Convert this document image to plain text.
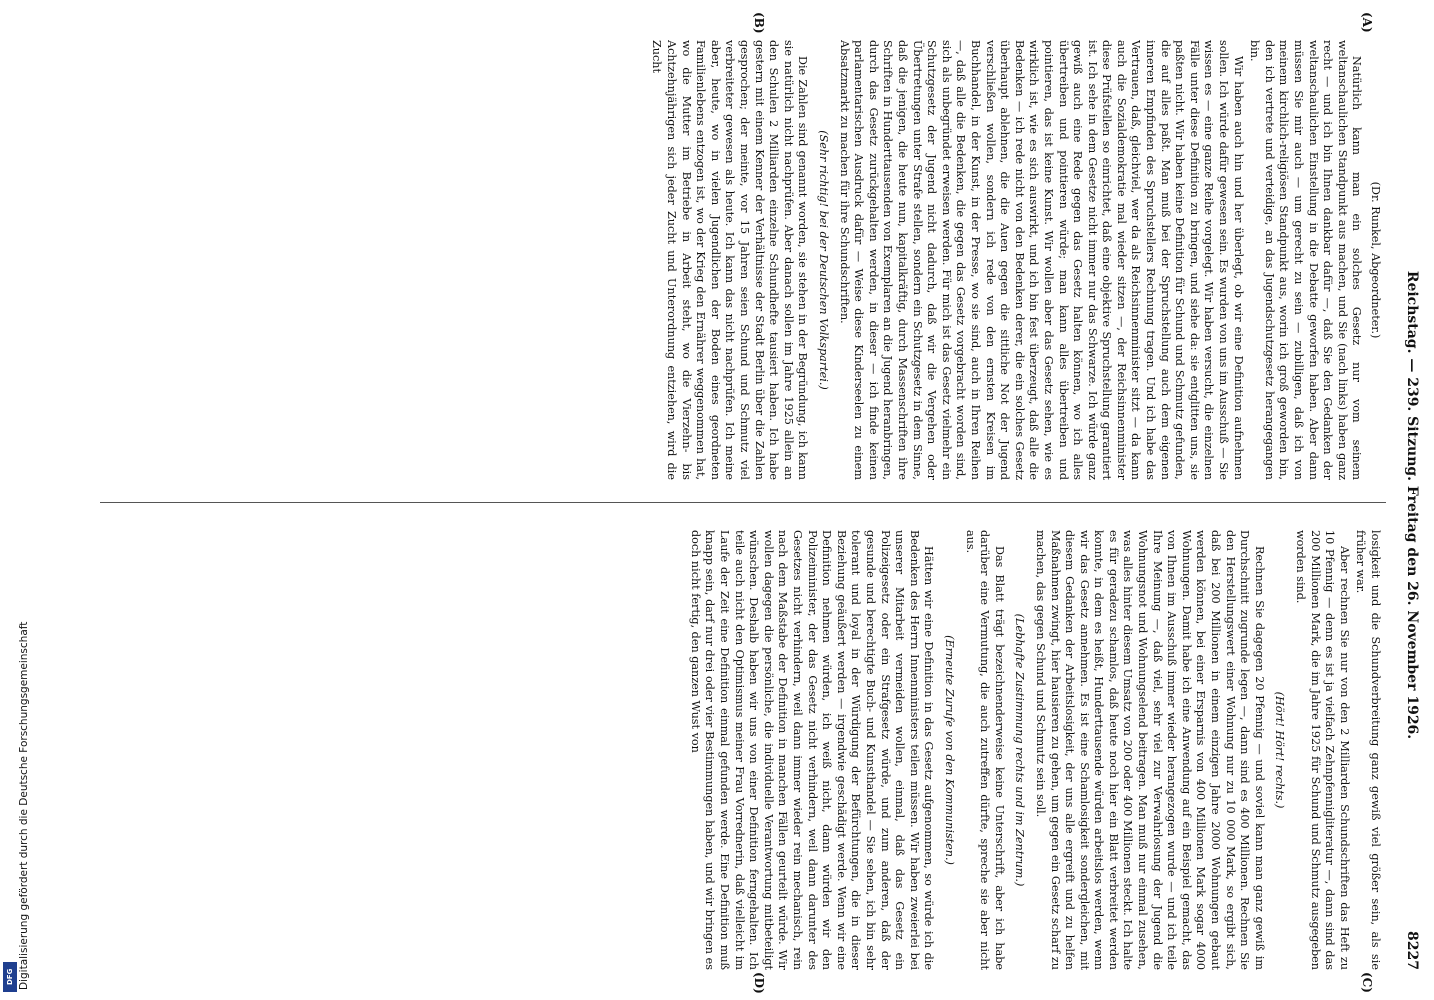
Reichstag. — 239. Sitzung. Freitag den 26. November 1926.
8227
(A)
(B)
(C)
(D)

(Dr. Runkel, Abgeordneter.)

Natürlich kann man ein solches Gesetz nur vom seinem weltanschaulichen Standpunkt aus machen, und Sie (nach links) haben ganz recht — und ich bin Ihnen dankbar dafür —, daß Sie den Gedanken der weltanschaulichen Einstellung in die Debatte geworfen haben. Aber dann müssen Sie mir auch — um gerecht zu sein — zubilligen, daß ich von meinem kirchlich-religiösen Standpunkt aus, worin ich groß geworden bin, den ich vertrete und verteidige, an das Jugendschutzgesetz herangegangen bin.

Wir haben auch hin und her überlegt, ob wir eine Definition aufnehmen sollen. Ich würde dafür gewesen sein. Es wurden von uns im Ausschuß — Sie wissen es — eine ganze Reihe vorgelegt. Wir haben versucht, die einzelnen Fälle unter diese Definition zu bringen, und siehe da: sie entglitten uns, sie paßten nicht. Wir haben keine Definition für Schund und Schmutz gefunden, die auf alles paßt. Man muß bei der Spruchstellung auch dem eigenen inneren Empfinden des Spruchstellers Rechnung tragen. Und ich habe das Vertrauen, daß, gleichviel, wer da als Reichsinnenminister sitzt — da kann auch die Sozialdemokratie mal wieder sitzen —, der Reichsinnenminister diese Prüfstellen so einrichtet, daß eine objektive Spruchstellung garantiert ist. Ich sehe in dem Gesetze nicht immer nur das Schwarze. Ich würde ganz gewiß auch eine Rede gegen das Gesetz halten können, wo ich alles übertreiben und pointieren würde; man kann alles übertreiben und pointieren, das ist keine Kunst. Wir wollen aber das Gesetz sehen, wie es wirklich ist, wie es sich auswirkt, und ich bin fest überzeugt, daß alle die Bedenken — ich rede nicht von den Bedenken derer, die ein solches Gesetz überhaupt ablehnen, die die Auen gegen die sittliche Not der Jugend verschließen wollen, sondern ich rede von den ernsten Kreisen im Buchhandel, in der Kunst, in der Presse, wo sie sind, auch in Ihren Reihen —, daß alle die Bedenken, die gegen das Gesetz vorgebracht worden sind, sich als unbegründet erweisen werden. Für mich ist das Gesetz vielmehr ein Schutzgesetz der Jugend nicht dadurch, daß wir die Vergehen oder Übertretungen unter Strafe stellen, sondern ein Schutzgesetz in dem Sinne, daß die jenigen, die heute nun, kapitalkräftig, durch Massenschriften ihre Schriften in Hunderttausenden von Exemplaren an die Jugend heranbringen, durch das Gesetz zurückgehalten werden, in dieser — ich finde keinen parlamentarischen Ausdruck dafür — Weise diese Kinderseelen zu einem Absatzmarkt zu machen für ihre Schundschriften.

(Sehr richtig! bei der Deutschen Volkspartei.)

Die Zahlen sind genannt worden, sie stehen in der Begründung, ich kann sie natürlich nicht nachprüfen. Aber danach sollen im Jahre 1925 allein an den Schulen 2 Milliarden einzelne Schundhefte tausiert haben. Ich habe gestern mit einem Kenner der Verhältnisse der Stadt Berlin über die Zahlen gesprochen; der meinte, vor 15 Jahren seien Schund und Schmutz viel verbreiteter gewesen als heute. Ich kann das nicht nachprüfen. Ich meine aber, heute, wo in vielen Jugendlichen der Boden eines geordneten Familienlebens entzogen ist, wo der Krieg den Ernährer weggenommen hat, wo die Mutter im Betriebe in Arbeit steht, wo die Vierzehn- bis Achtzehnjährigen sich jeder Zucht und Unterordnung entziehen, wird die Zucht

losigkeit und die Schundverbreitung ganz gewiß viel größer sein, als sie früher war.

Aber rechnen Sie nur von den 2 Milliarden Schundschriften das Heft zu 10 Pfennig — denn es ist ja vielfach Zehnpfennigliteratur —, dann sind das 200 Millionen Mark, die im Jahre 1925 für Schund und Schmutz ausgegeben worden sind.

(Hört! Hört! rechts.)

Rechnen Sie dagegen 20 Pfennig — und soviel kann man ganz gewiß im Durchschnitt zugrunde legen —, dann sind es 400 Millionen. Rechnen Sie den Herstellungswert einer Wohnung nur zu 10 000 Mark, so ergibt sich, daß bei 200 Millionen in einem einzigen Jahre 2000 Wohnungen gebaut werden können, bei einer Ersparnis von 400 Millionen Mark sogar 4000 Wohnungen. Damit habe ich eine Anwendung auf ein Beispiel gemacht, das von Ihnen im Ausschuß immer wieder herangezogen wurde — und ich teile Ihre Meinung —, daß viel, sehr viel zur Verwahrlosung der Jugend die Wohnungsnot und Wohnungselend beitragen. Man muß nur einmal zusehen, was alles hinter diesem Umsatz von 200 oder 400 Millionen steckt. Ich halte es für geradezu schamlos, daß heute noch hier ein Blatt verbreitet werden konnte, in dem es heißt, Hunderttausende würden arbeitslos werden, wenn wir das Gesetz annehmen. Es ist eine Schamlosigkeit sondergleichen, mit diesem Gedanken der Arbeitslosigkeit, der uns alle ergreift und zu helfen Maßnahmen zwingt, hier hausieren zu gehen, um gegen ein Gesetz scharf zu machen, das gegen Schund und Schmutz sein soll.

(Lebhafte Zustimmung rechts und im Zentrum.)

Das Blatt trägt bezeichnenderweise keine Unterschrift, aber ich habe darüber eine Vermutung, die auch zutreffen dürfte, spreche sie aber nicht aus.

(Erneute Zurufe von den Kommunisten.)

Hätten wir eine Definition in das Gesetz aufgenommen, so würde ich die Bedenken des Herrn Innenministers teilen müssen. Wir haben zweierlei bei unserer Mitarbeit vermeiden wollen, einmal, daß das Gesetz ein Polizeigesetz oder ein Strafgesetz würde, und zum anderen, daß der gesunde und berechtigte Buch- und Kunsthandel — Sie sehen, ich bin sehr tolerant und loyal in der Würdigung der Befürchtungen, die in dieser Beziehung geäußert werden — irgendwie geschädigt werde. Wenn wir eine Definition nehmen würden, ich weiß nicht, dann würden wir den Polizeiminister, der das Gesetz nicht verhindern, weil dann darunter des Gesetzes nicht verhindern, weil dann immer wieder rein mechanisch, rein nach dem Maßstabe der Definition in manchen Fällen geurteilt würde. Wir wollen dagegen die persönliche, die individuelle Verantwortung mitbeteiligt wünschen. Deshalb haben wir uns von einer Definition ferngehalten. Ich teile auch nicht den Optimismus meiner Frau Vorrednerin, daß vielleicht im Laufe der Zeit eine Definition einmal gefunden werde. Eine Definition muß knapp sein, darf nur drei oder vier Bestimmungen haben, und wir bringen es doch nicht fertig, den ganzen Wust von

Digitalisierung gefördert durch die Deutsche Forschungsgemeinschaft
DFG
